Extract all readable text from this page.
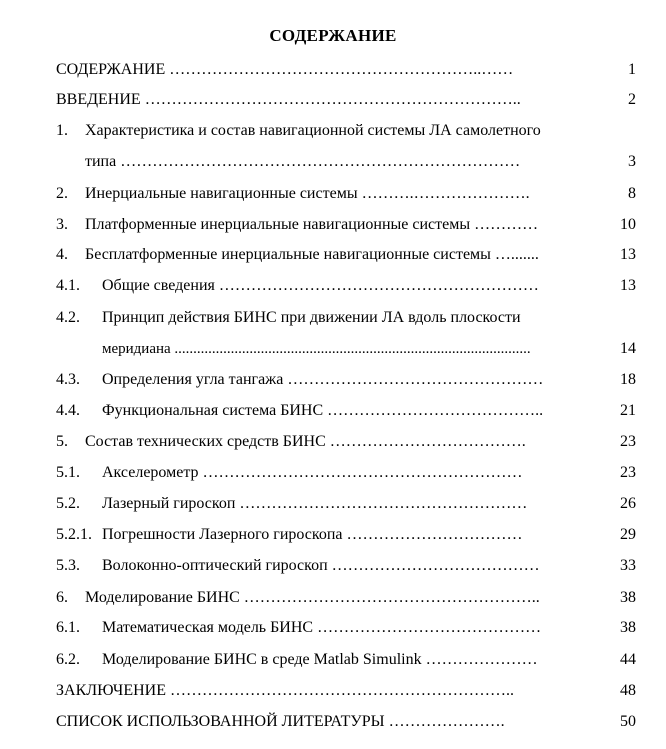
СОДЕРЖАНИЕ
СОДЕРЖАНИЕ …………………………………………………..……	1
ВВЕДЕНИЕ ……………………………………………………………..	2
1. Характеристика и состав навигационной системы ЛА самолетного
типа …………………………………………………………………	3
2. Инерциальные навигационные системы ……….………………….	8
3. Платформенные инерциальные навигационные системы …………	10
4. Бесплатформенные инерциальные навигационные системы ….......	13
4.1. Общие сведения ……………………………………………………	13
4.2. Принцип действия БИНС при движении ЛА вдоль плоскости
меридиана ...............................................................................................	14
4.3. Определения угла тангажа …………………………………………	18
4.4. Функциональная система БИНС …………………………………..	21
5. Состав технических средств БИНС ……………………………….	23
5.1. Акселерометр ……………………………………………………	23
5.2. Лазерный гироскоп ………………………………………………	26
5.2.1. Погрешности Лазерного гироскопа ……………………………	29
5.3. Волоконно-оптический гироскоп …………………………………	33
6. Моделирование БИНС ………………………………………………..	38
6.1. Математическая модель БИНС ……………………………………	38
6.2. Моделирование БИНС в среде Matlab Simulink …………………	44
ЗАКЛЮЧЕНИЕ ………………………………………………………..	48
СПИСОК ИСПОЛЬЗОВАННОЙ ЛИТЕРАТУРЫ ………………….	50
